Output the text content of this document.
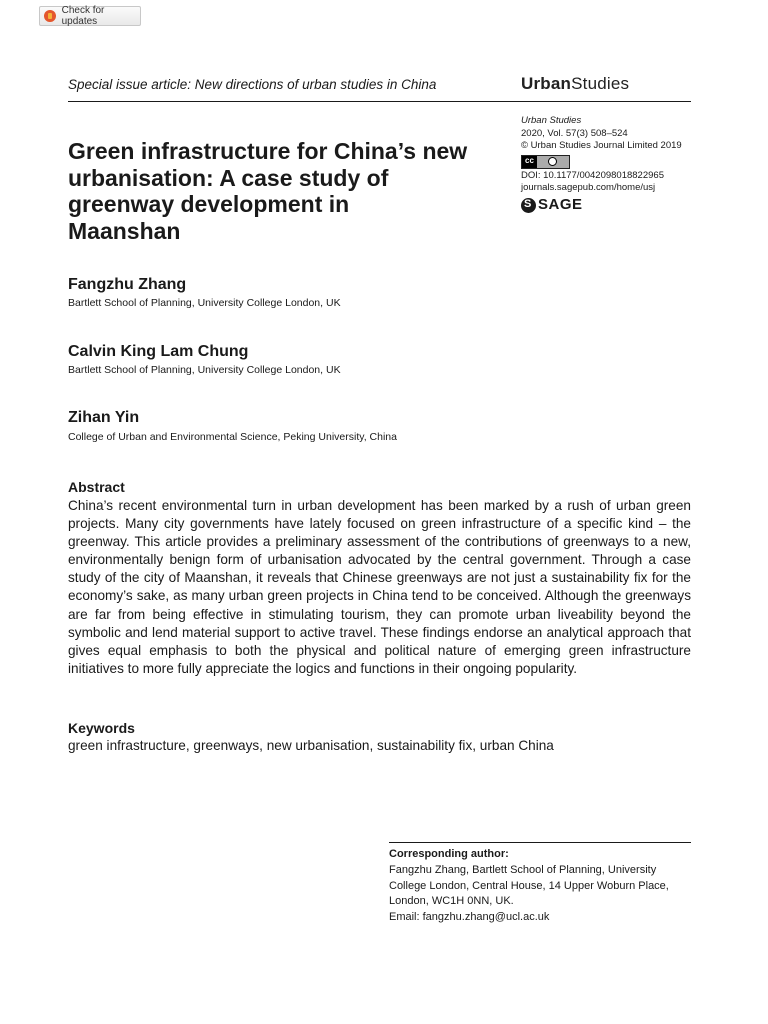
Check for updates
Special issue article: New directions of urban studies in China	UrbanStudies
Urban Studies
2020, Vol. 57(3) 508–524
© Urban Studies Journal Limited 2019
cc
DOI: 10.1177/0042098018822965
journals.sagepub.com/home/usj
S
SAGE
Green infrastructure for China’s new urbanisation: A case study of greenway development in Maanshan
Fangzhu Zhang
Bartlett School of Planning, University College London, UK
Calvin King Lam Chung
Bartlett School of Planning, University College London, UK
Zihan Yin
College of Urban and Environmental Science, Peking University, China
Abstract
China’s recent environmental turn in urban development has been marked by a rush of urban green projects. Many city governments have lately focused on green infrastructure of a specific kind – the greenway. This article provides a preliminary assessment of the contributions of greenways to a new, environmentally benign form of urbanisation advocated by the central government. Through a case study of the city of Maanshan, it reveals that Chinese greenways are not just a sustainability fix for the economy’s sake, as many urban green projects in China tend to be conceived. Although the greenways are far from being effective in stimulating tourism, they can promote urban liveability beyond the symbolic and lend material support to active travel. These findings endorse an analytical approach that gives equal emphasis to both the physical and political nature of emerging green infrastructure initiatives to more fully appreciate the logics and functions in their ongoing popularity.
Keywords
green infrastructure, greenways, new urbanisation, sustainability fix, urban China
Corresponding author:
Fangzhu Zhang, Bartlett School of Planning, University
College London, Central House, 14 Upper Woburn Place,
London, WC1H 0NN, UK.
Email: fangzhu.zhang@ucl.ac.uk
